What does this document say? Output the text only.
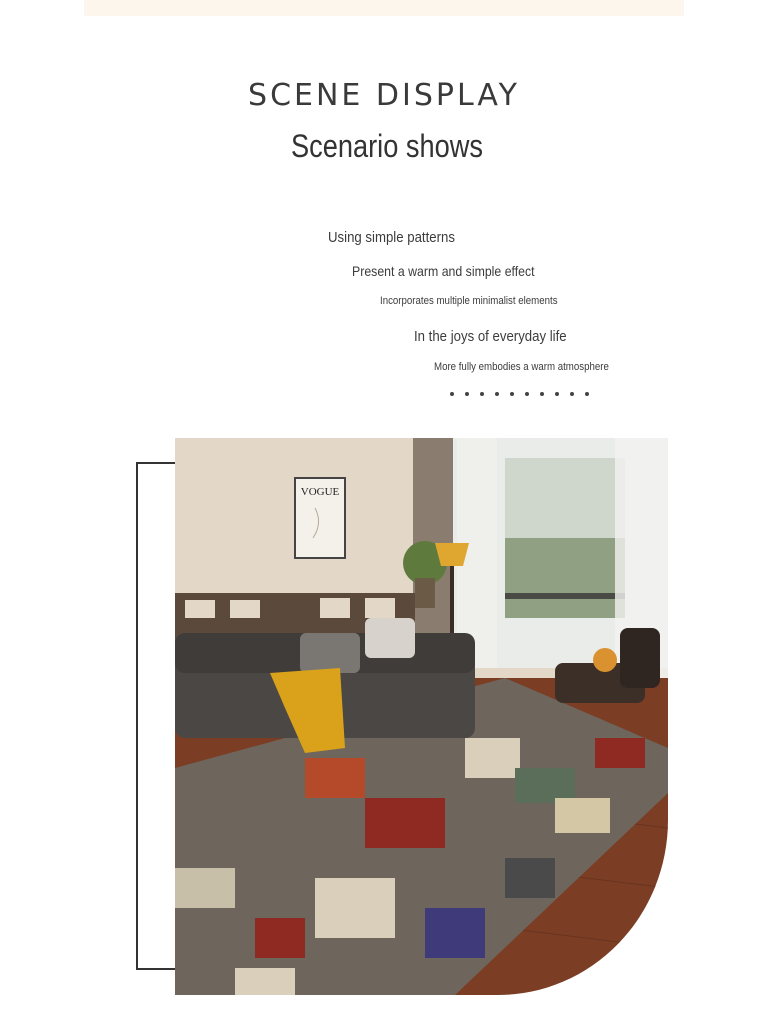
SCENE DISPLAY
Scenario shows
Using simple patterns
Present a warm and simple effect
Incorporates multiple minimalist elements
In the joys of everyday life
More fully embodies a warm atmosphere
VOGUE
